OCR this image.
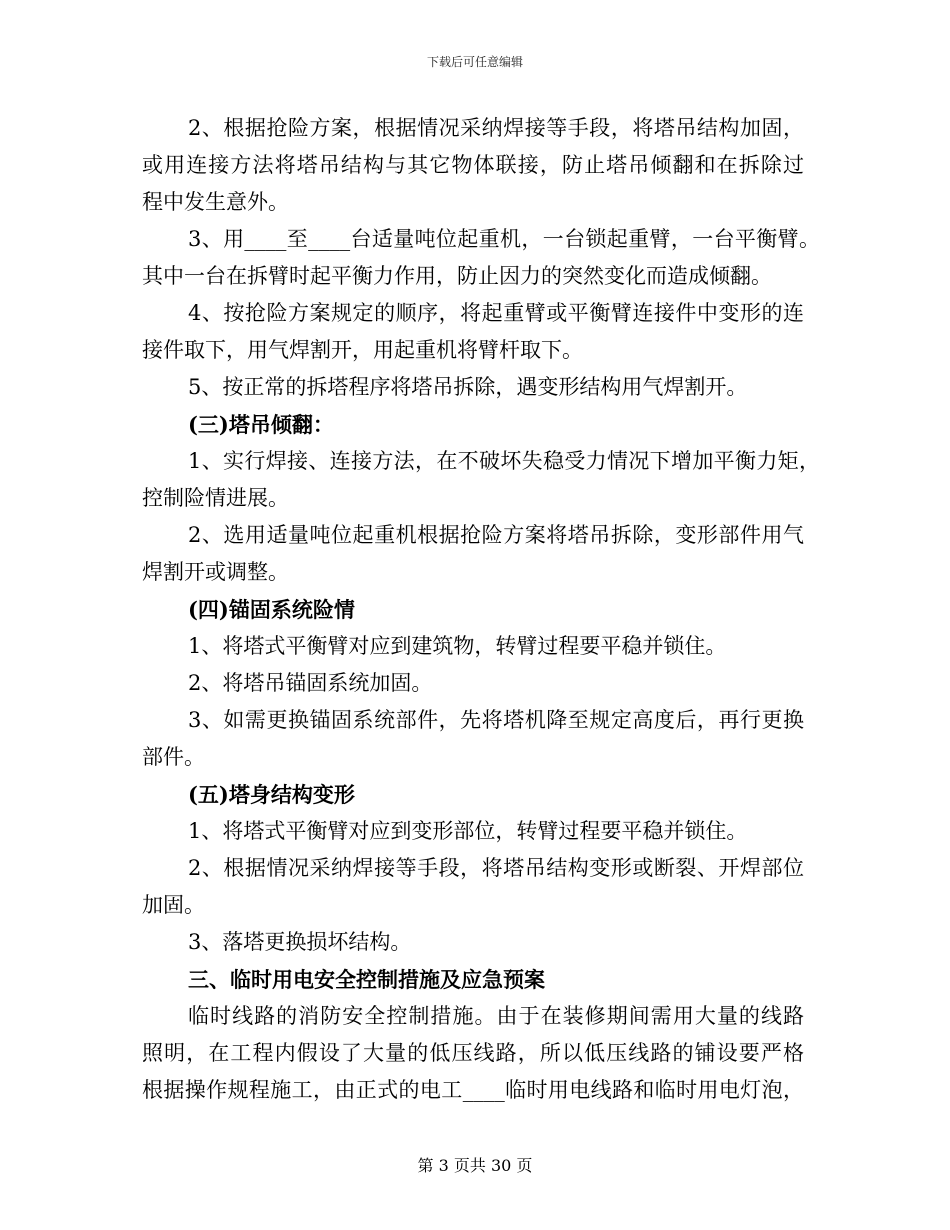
下载后可任意编辑
2、根据抢险方案，根据情况采纳焊接等手段，将塔吊结构加固，
或用连接方法将塔吊结构与其它物体联接，防止塔吊倾翻和在拆除过
程中发生意外。
3、用____至____台适量吨位起重机，一台锁起重臂，一台平衡臂。
其中一台在拆臂时起平衡力作用，防止因力的突然变化而造成倾翻。
4、按抢险方案规定的顺序，将起重臂或平衡臂连接件中变形的连
接件取下，用气焊割开，用起重机将臂杆取下。
5、按正常的拆塔程序将塔吊拆除，遇变形结构用气焊割开。
(三)塔吊倾翻：
1、实行焊接、连接方法，在不破坏失稳受力情况下增加平衡力矩，
控制险情进展。
2、选用适量吨位起重机根据抢险方案将塔吊拆除，变形部件用气
焊割开或调整。
(四)锚固系统险情
1、将塔式平衡臂对应到建筑物，转臂过程要平稳并锁住。
2、将塔吊锚固系统加固。
3、如需更换锚固系统部件，先将塔机降至规定高度后，再行更换
部件。
(五)塔身结构变形
1、将塔式平衡臂对应到变形部位，转臂过程要平稳并锁住。
2、根据情况采纳焊接等手段，将塔吊结构变形或断裂、开焊部位
加固。
3、落塔更换损坏结构。
三、临时用电安全控制措施及应急预案
临时线路的消防安全控制措施。由于在装修期间需用大量的线路
照明，在工程内假设了大量的低压线路，所以低压线路的铺设要严格
根据操作规程施工，由正式的电工____临时用电线路和临时用电灯泡，
第 3 页共 30 页
